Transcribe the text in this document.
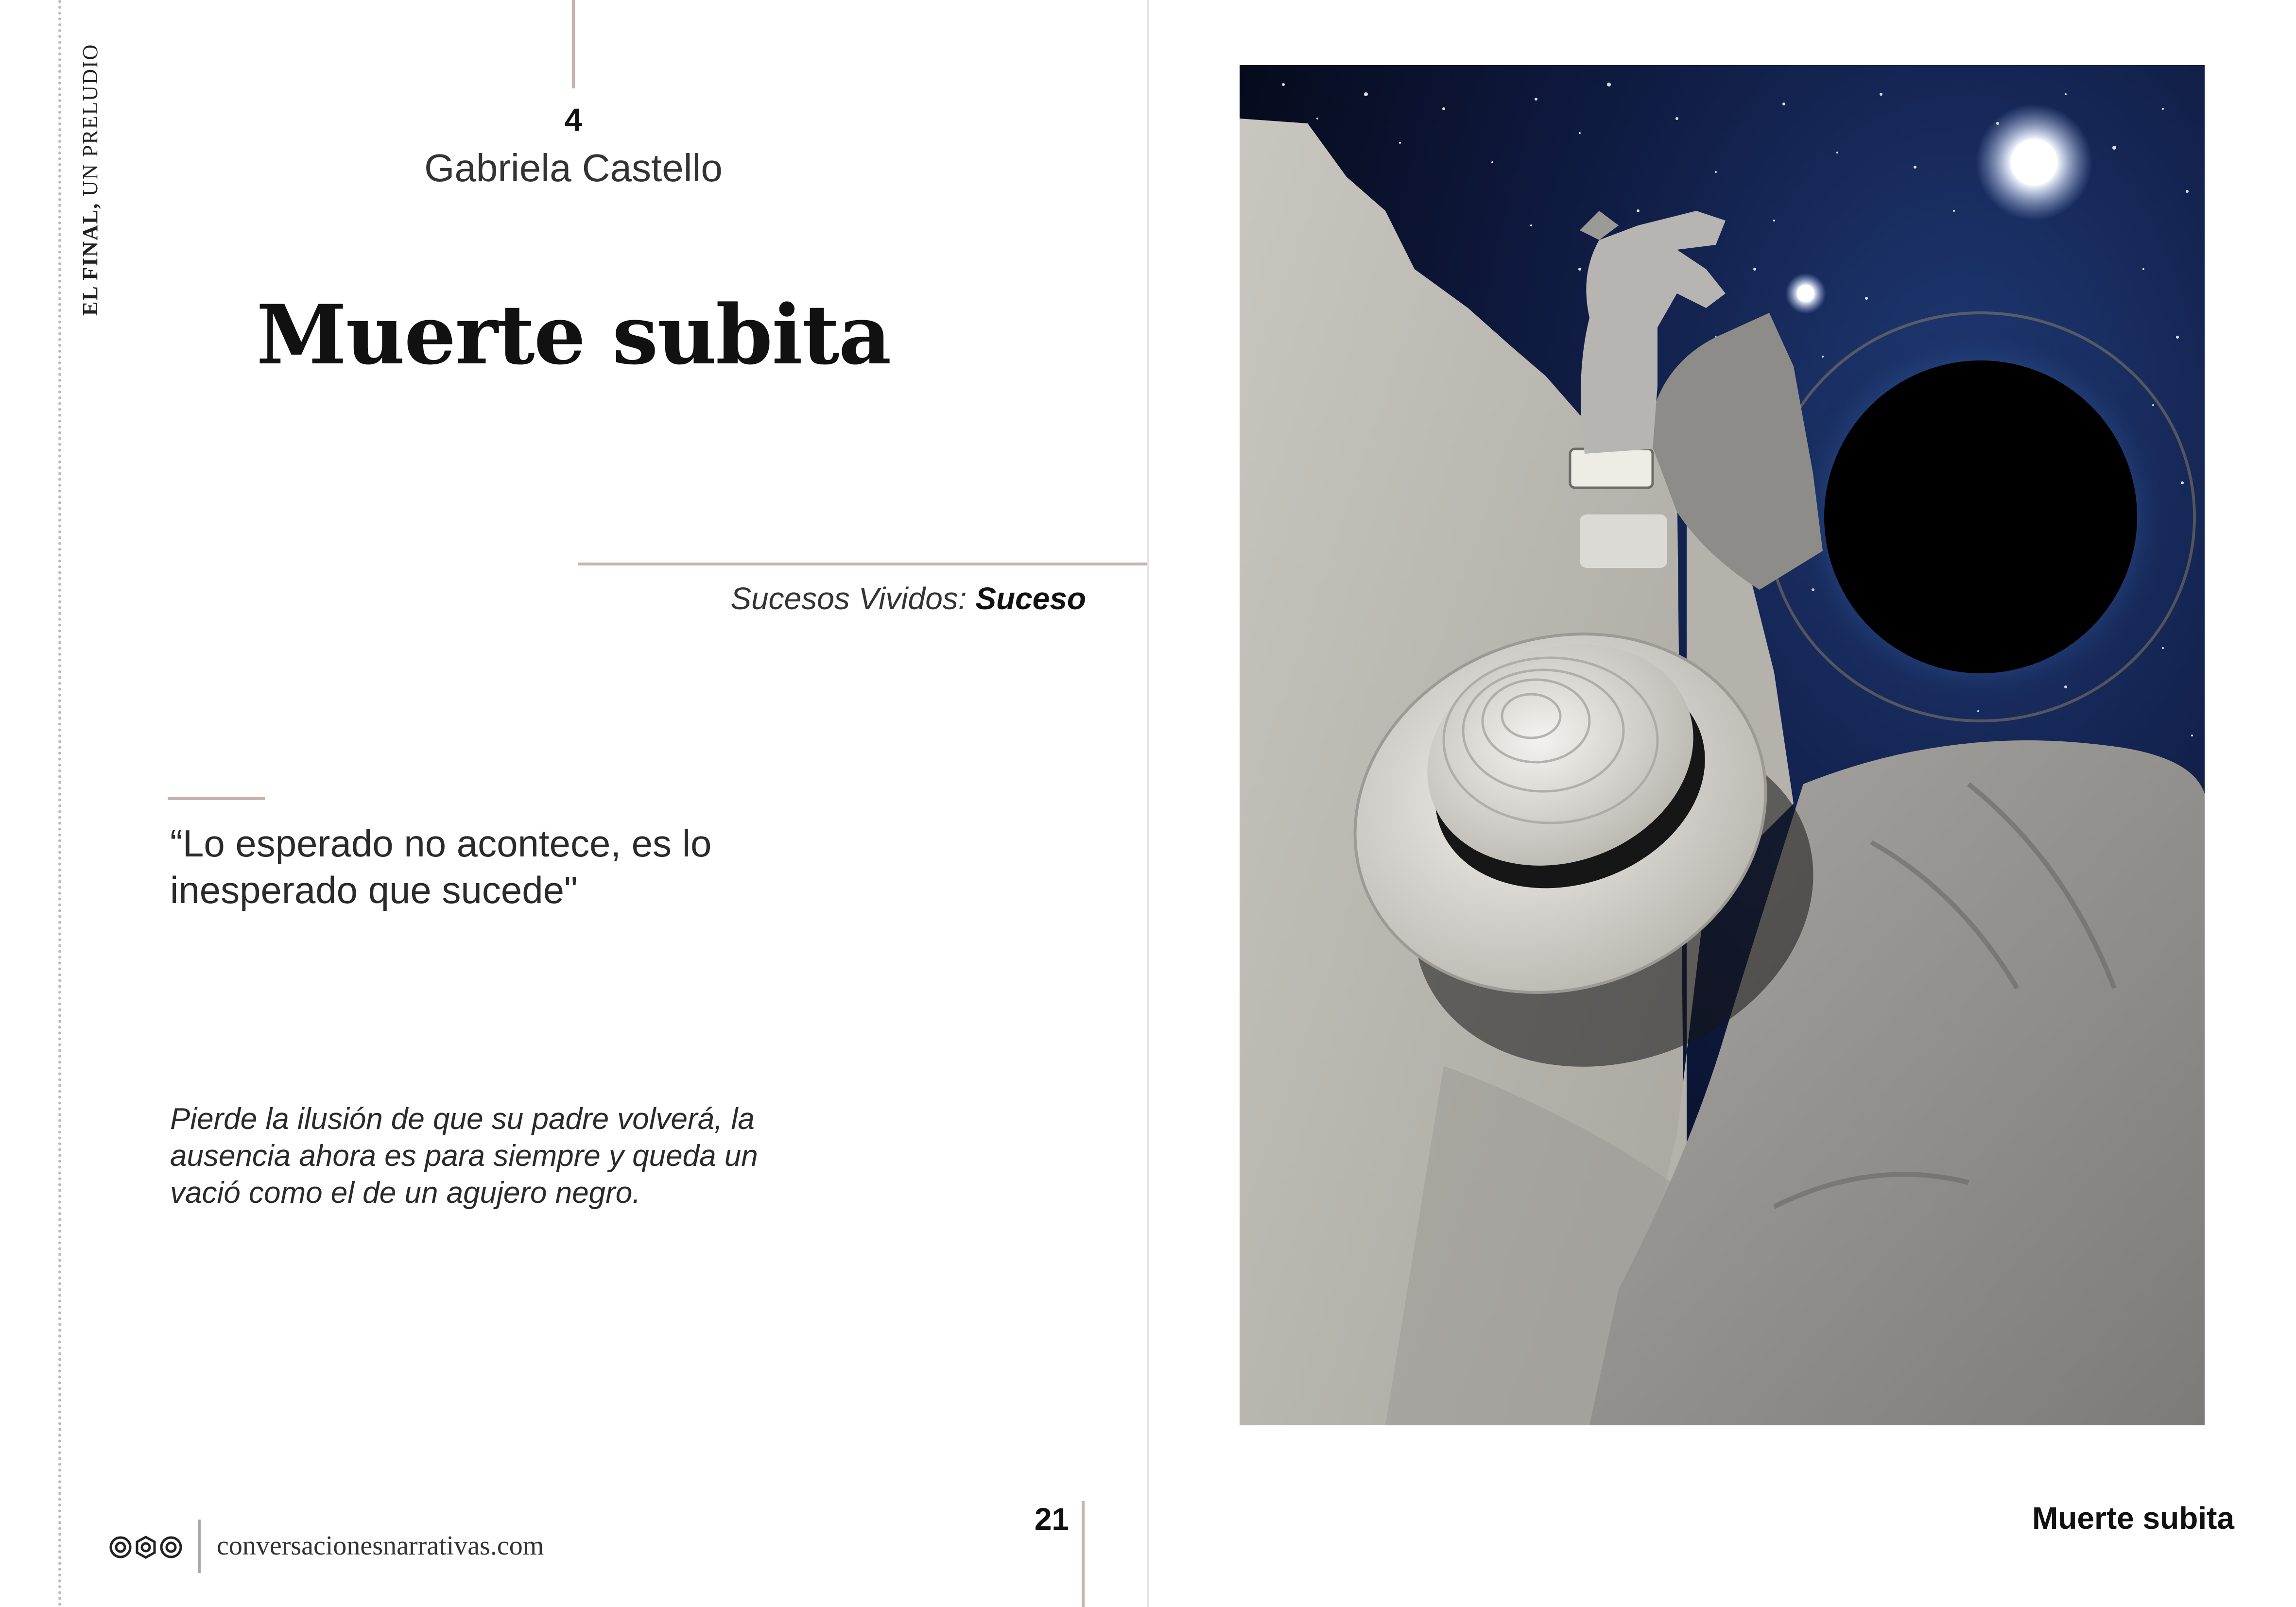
EL FINAL, UN PRELUDIO	4
Gabriela Castello
Muerte subita
Sucesos Vividos: Suceso
“Lo esperado no acontece, es lo inesperado que sucede"
Pierde la ilusión de que su padre volverá, la ausencia ahora es para siempre y queda un vació como el de un agujero negro.
21
conversacionesnarrativas.com
Muerte subita
